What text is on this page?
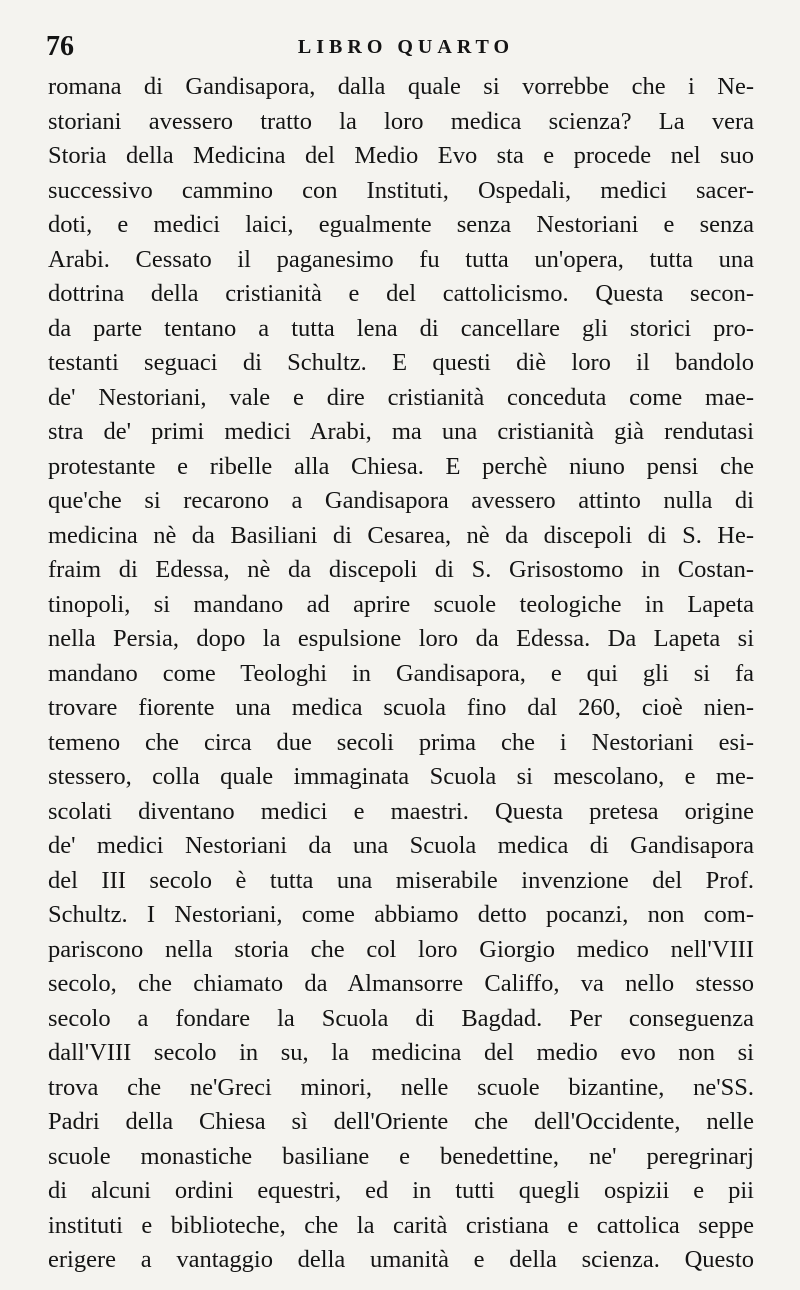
76	LIBRO QUARTO
romana di Gandisapora, dalla quale si vorrebbe che i Ne-
storiani avessero tratto la loro medica scienza? La vera
Storia della Medicina del Medio Evo sta e procede nel suo
successivo cammino con Instituti, Ospedali, medici sacer-
doti, e medici laici, egualmente senza Nestoriani e senza
Arabi. Cessato il paganesimo fu tutta un'opera, tutta una
dottrina della cristianità e del cattolicismo. Questa secon-
da parte tentano a tutta lena di cancellare gli storici pro-
testanti seguaci di Schultz. E questi diè loro il bandolo
de' Nestoriani, vale e dire cristianità conceduta come mae-
stra de' primi medici Arabi, ma una cristianità già rendutasi
protestante e ribelle alla Chiesa. E perchè niuno pensi che
que'che si recarono a Gandisapora avessero attinto nulla di
medicina nè da Basiliani di Cesarea, nè da discepoli di S. He-
fraim di Edessa, nè da discepoli di S. Grisostomo in Costan-
tinopoli, si mandano ad aprire scuole teologiche in Lapeta
nella Persia, dopo la espulsione loro da Edessa. Da Lapeta si
mandano come Teologhi in Gandisapora, e qui gli si fa
trovare fiorente una medica scuola fino dal 260, cioè nien-
temeno che circa due secoli prima che i Nestoriani esi-
stessero, colla quale immaginata Scuola si mescolano, e me-
scolati diventano medici e maestri. Questa pretesa origine
de' medici Nestoriani da una Scuola medica di Gandisapora
del III secolo è tutta una miserabile invenzione del Prof.
Schultz. I Nestoriani, come abbiamo detto pocanzi, non com-
pariscono nella storia che col loro Giorgio medico nell'VIII
secolo, che chiamato da Almansorre Califfo, va nello stesso
secolo a fondare la Scuola di Bagdad. Per conseguenza
dall'VIII secolo in su, la medicina del medio evo non si
trova che ne'Greci minori, nelle scuole bizantine, ne'SS.
Padri della Chiesa sì dell'Oriente che dell'Occidente, nelle
scuole monastiche basiliane e benedettine, ne' peregrinarj
di alcuni ordini equestri, ed in tutti quegli ospizii e pii
instituti e biblioteche, che la carità cristiana e cattolica seppe
erigere a vantaggio della umanità e della scienza. Questo
